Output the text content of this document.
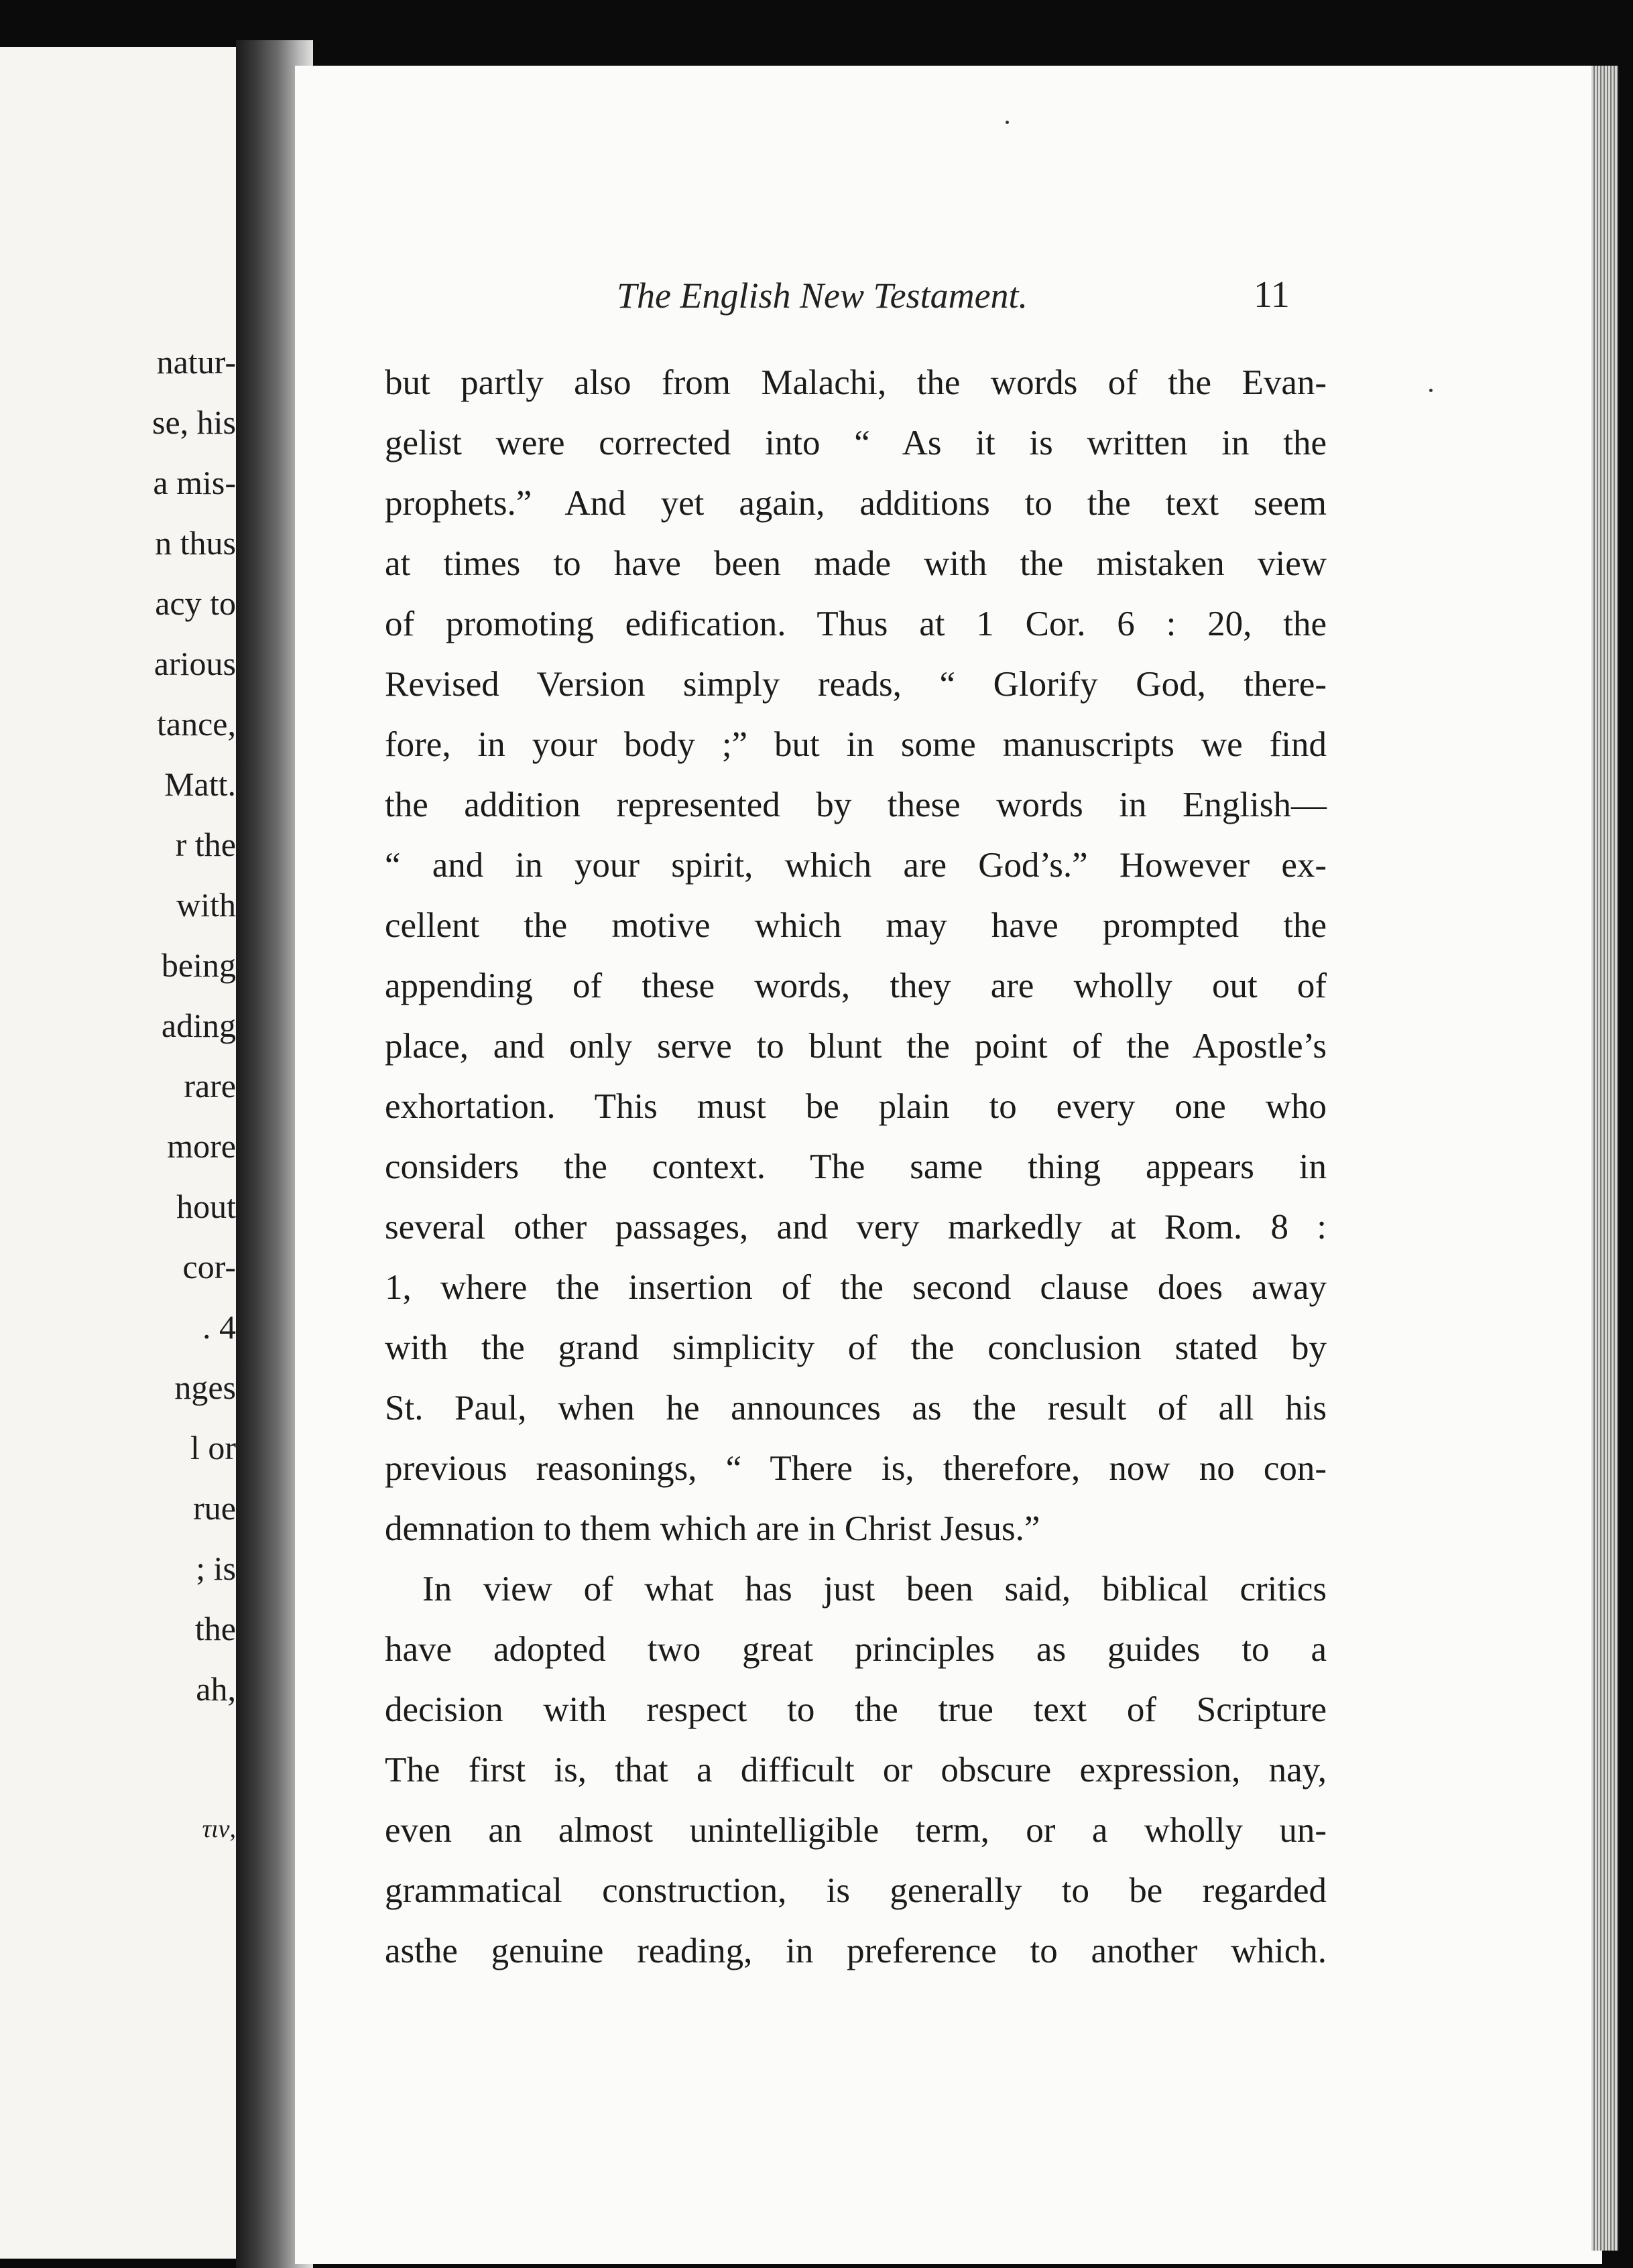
natur-
se, his
a mis-
n thus
acy to
arious
tance,
Matt.
r the
with
being
ading
rare
more
hout
cor-
. 4
nges
l or
rue
; is
the
ah,
τιν,
The English New Testament.	11
but partly also from Malachi, the words of the Evan-
gelist were corrected into “ As it is written in the
prophets.” And yet again, additions to the text seem
at times to have been made with the mistaken view
of promoting edification. Thus at 1 Cor. 6 : 20, the
Revised Version simply reads, “ Glorify God, there-
fore, in your body ;” but in some manuscripts we find
the addition represented by these words in English—
“ and in your spirit, which are God’s.” However ex-
cellent the motive which may have prompted the
appending of these words, they are wholly out of
place, and only serve to blunt the point of the Apostle’s
exhortation. This must be plain to every one who
considers the context. The same thing appears in
several other passages, and very markedly at Rom. 8 :
1, where the insertion of the second clause does away
with the grand simplicity of the conclusion stated by
St. Paul, when he announces as the result of all his
previous reasonings, “ There is, therefore, now no con-
demnation to them which are in Christ Jesus.”
In view of what has just been said, biblical critics
have adopted two great principles as guides to a
decision with respect to the true text of Scripture
The first is, that a difficult or obscure expression, nay,
even an almost unintelligible term, or a wholly un-
grammatical construction, is generally to be regarded
asthe genuine reading, in preference to another which.
